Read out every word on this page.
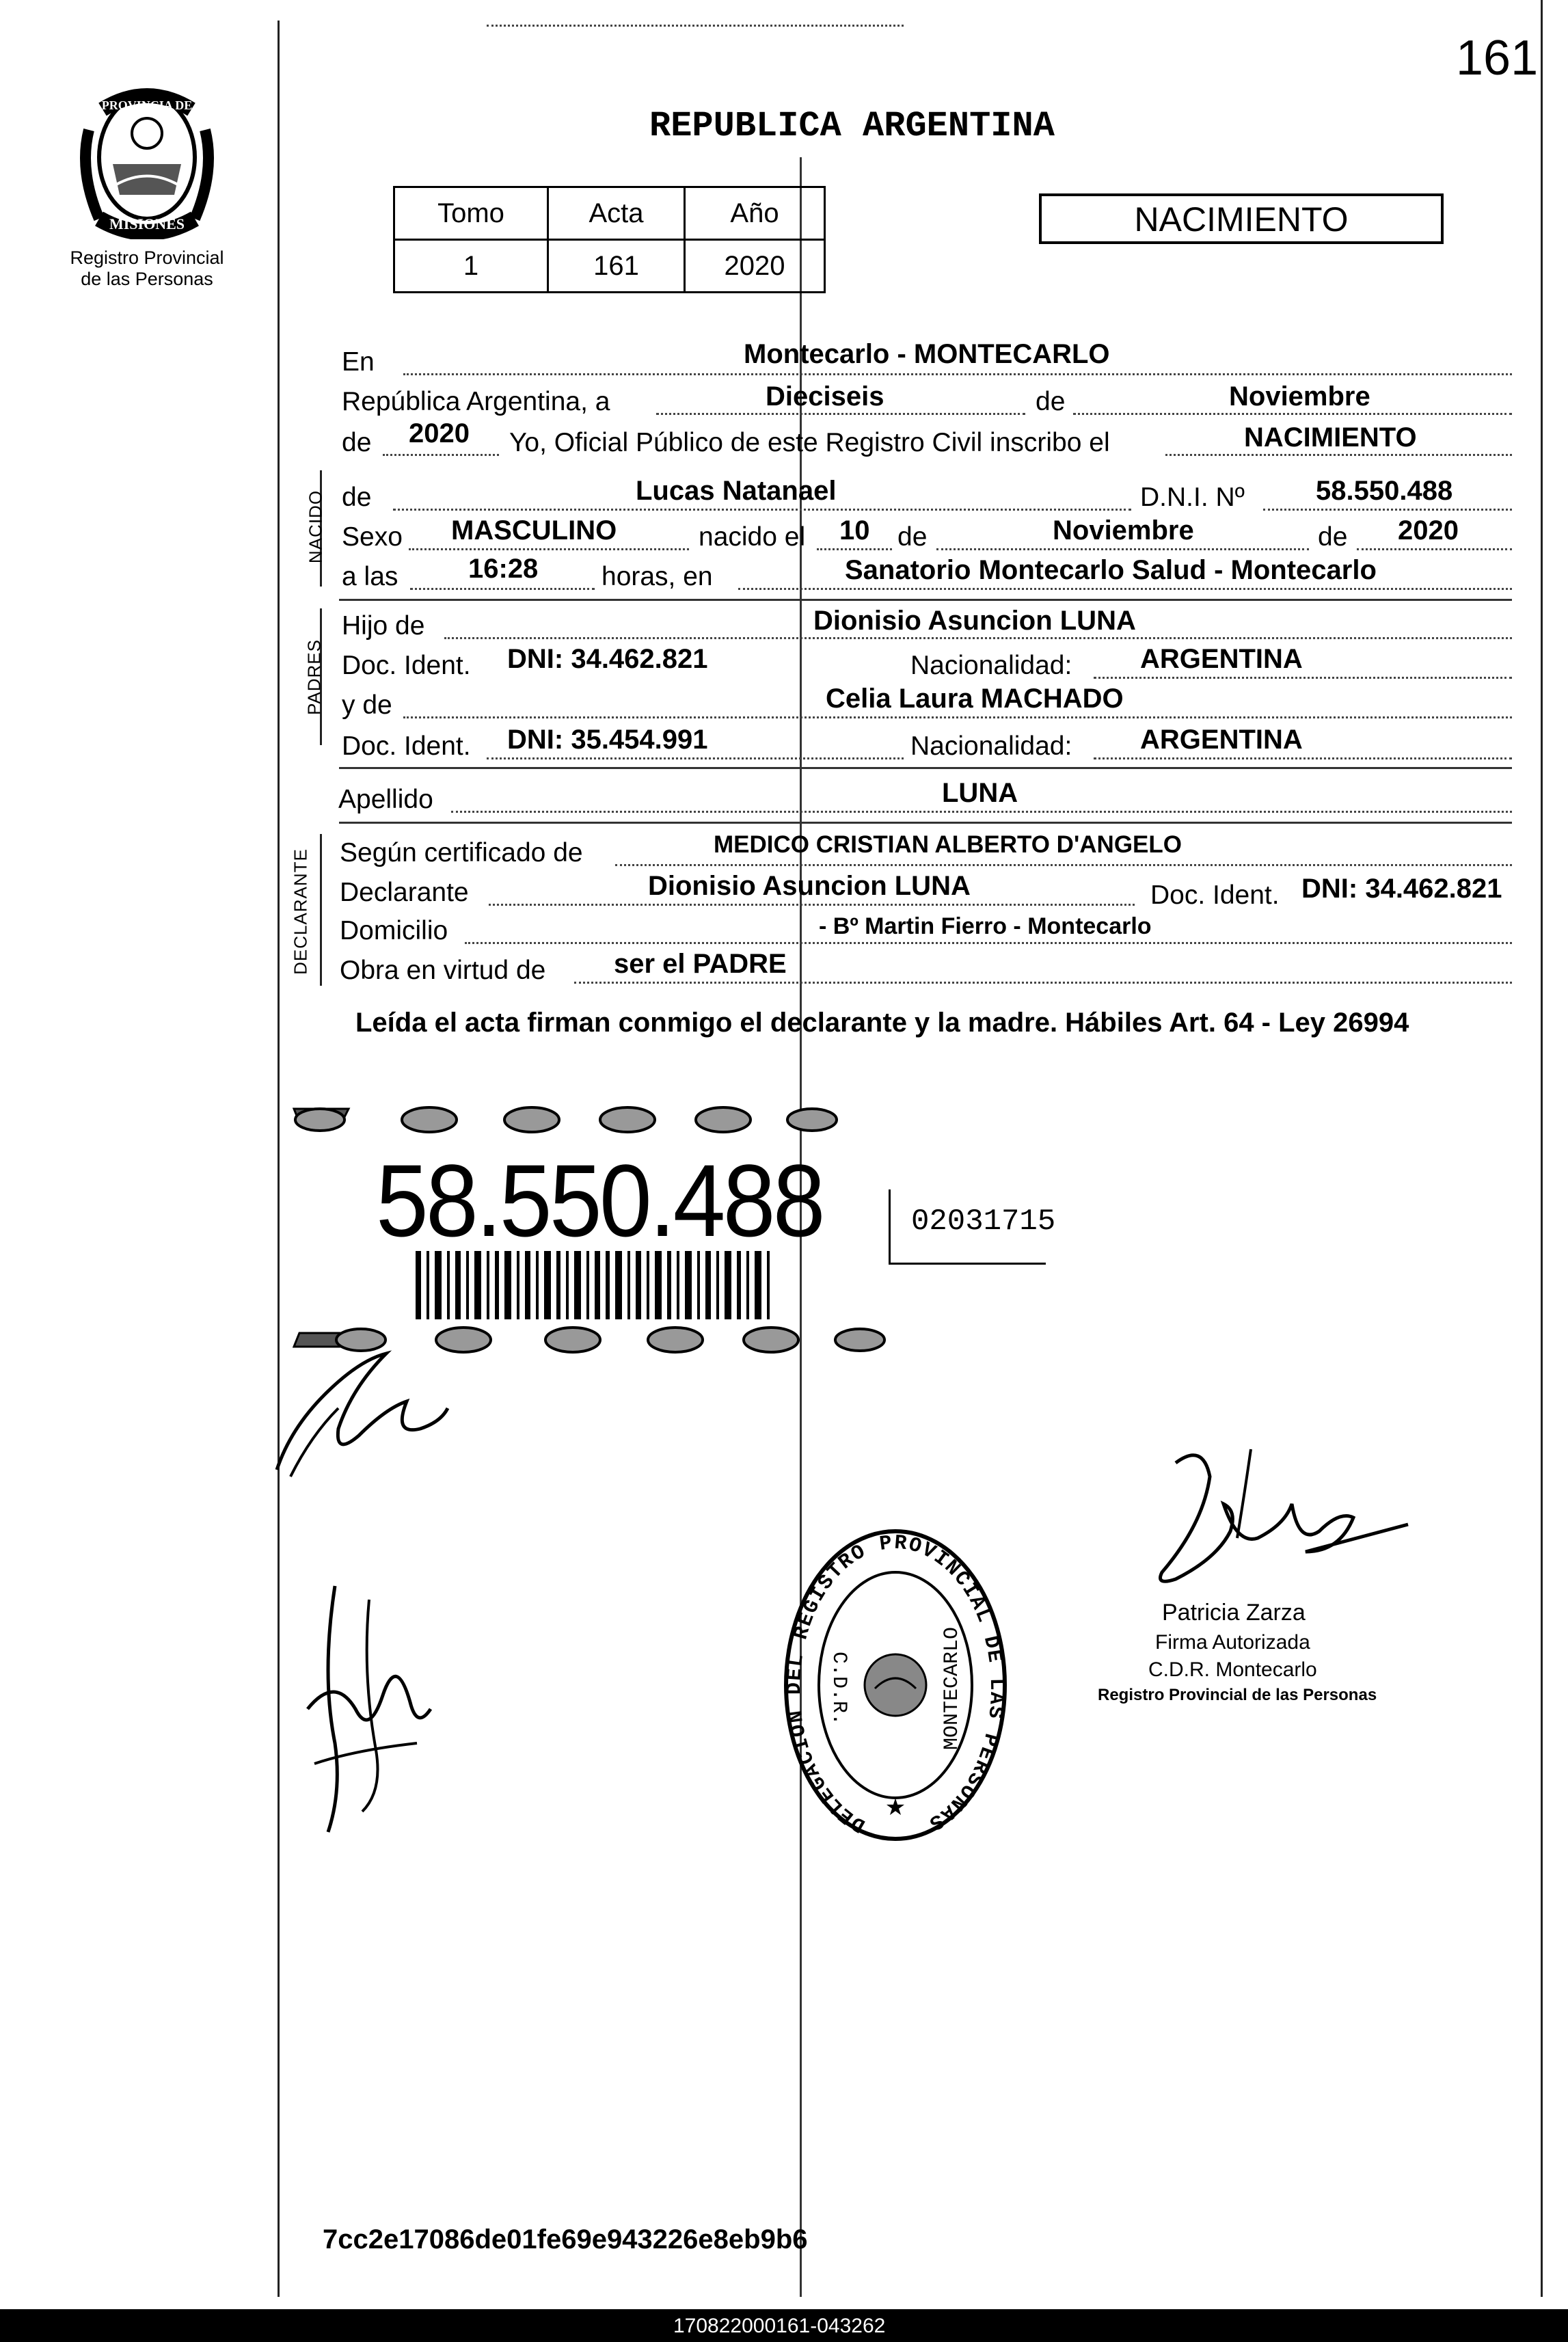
161
PROVINCIA DE
MISIONES
Registro Provincial de las Personas
REPUBLICA ARGENTINA
Tomo	Acta	Año
1	161	2020
NACIMIENTO
En	Montecarlo - MONTECARLO
República Argentina, a	Dieciseis	de	Noviembre
de 2020 Yo, Oficial Público de este Registro Civil inscribo el	NACIMIENTO
NACIDO de	Lucas Natanael	D.N.I. Nº	58.550.488
Sexo MASCULINO	nacido el 10 de	Noviembre	de 2020
a las	16:28 horas, en	Sanatorio Montecarlo Salud - Montecarlo
PADRES
Hijo de	Dionisio Asuncion LUNA
Doc. Ident. DNI: 34.462.821	Nacionalidad: ARGENTINA
y de	Celia Laura MACHADO
Doc. Ident. DNI: 35.454.991	Nacionalidad: ARGENTINA
Apellido	LUNA
DECLARANTE Según certificado de	MEDICO CRISTIAN ALBERTO D'ANGELO
Declarante	Dionisio Asuncion LUNA	Doc. Ident. DNI: 34.462.821
Domicilio	- Bº Martin Fierro - Montecarlo
Obra en virtud de ser el PADRE
Leída el acta firman conmigo el declarante y la madre. Hábiles Art. 64 - Ley 26994
58.550.488	02031715
DELEGACION DEL REGISTRO PROVINCIAL DE LAS PERSONAS
C.D.R.	MONTECARLO
★
Patricia Zarza
Firma Autorizada
C.D.R. Montecarlo
Registro Provincial de las Personas
7cc2e17086de01fe69e943226e8eb9b6
170822000161-043262
